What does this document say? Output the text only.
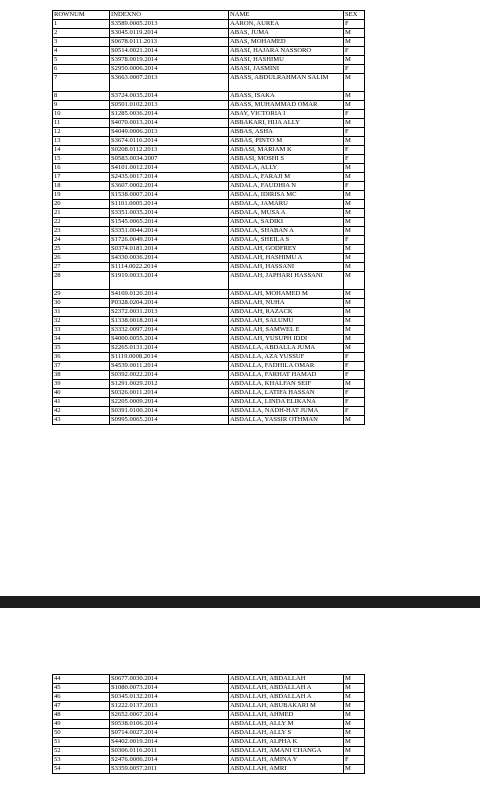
ROWNUM	INDEXNO	NAME	SEX
1	S3589.0005.2013	AARON, AUREA	F
2	S3045.0119.2014	ABAS, JUMA	M
3	S0678.0111.2013	ABAS, MOHAMED	M
4	S0514.0021.2014	ABASI, HAJARA NASSORO	F
5	S3978.0019.2014	ABASI, HASHIMU	M
6	S2950.0006.2014	ABASI, JASMINI	F
7	S3663.0007.2013	ABASS, ABDULRAHMAN SALIM	M
8	S3724.0035.2014	ABASS, ISAKA	M
9	S0501.0102.2013	ABASS, MUHAMMAD OMAR	M
10	S1285.0036.2014	ABAY, VICTORIA I	F
11	S4070.0013.2014	ABBAKARI, HIJA ALLY	M
12	S4049.0006.2013	ABBAS, ASHA	F
13	S3674.0116.2014	ABBAS, PINTO M	M
14	S0208.0112.2013	ABBASI, MARIAM K	F
15	S0583.0034.2007	ABBASI, MOSHI S	F
16	S4101.0012.2014	ABDALA, ALLY	M
17	S2435.0017.2014	ABDALA, FARAJI M	M
18	S3607.0002.2014	ABDALA, FAUDHIA N	F
19	S1538.0007.2014	ABDALA, IDIRISA MC	M
20	S1101.0005.2014	ABDALA, JAMARU	M
21	S3351.0035.2014	ABDALA, MUSA A	M
22	S1545.0065.2014	ABDALA, SADIKI	M
23	S3351.0044.2014	ABDALA, SHABAN A	M
24	S1726.0049.2014	ABDALA, SHEILA S	F
25	S0374.0181.2014	ABDALAH, GODFREY	M
26	S4330.0036.2014	ABDALAH, HASHIMU A	M
27	S1114.0022.2014	ABDALAH, HASSANI	M
28	S1919.0033.2014	ABDALAH, JAPHARI HASSANI	M
29	S4169.0120.2014	ABDALAH, MOHAMED M	M
30	P0328.0204.2014	ABDALAH, NUHA	M
31	S2372.0031.2013	ABDALAH, RAZACK	M
32	S1338.0018.2014	ABDALAH, SALUMU	M
33	S3332.0097.2014	ABDALAH, SAMWEL E	M
34	S4000.0055.2014	ABDALAH, YUSUPH IDDI	M
35	S2265.0131.2014	ABDALLA, ABDALLA JUMA	M
36	S1119.0008.2014	ABDALLA, AZA YUSSUF	F
37	S4539.0011.2014	ABDALLA, FADHILA OMAR	F
38	S0392.0022.2014	ABDALLA, FARHAT HAMAD	F
39	S1291.0029.2012	ABDALLA, KHALFAN SEIF	M
40	S0326.0011.2014	ABDALLA, LATIFA HASSAN	F
41	S2205.0009.2014	ABDALLA, LINDA ELIKANA	F
42	S0391.0100.2014	ABDALLA, NADH-HAT JUMA	F
43	S0995.0065.2014	ABDALLA, YASSIR OTHMAN	M
44	S0677.0030.2014	ABDALLAH, ABDALLAH	M
45	S1080.0073.2014	ABDALLAH, ABDALLAH A	M
46	S0345.0132.2014	ABDALLAH, ABDALLAH A	M
47	S1222.0137.2013	ABDALLAH, ABUBAKARI M	M
48	S2652.0067.2014	ABDALLAH, AHMED	M
49	S0538.0106.2014	ABDALLAH, ALLY M	M
50	S0714.0027.2014	ABDALLAH, ALLY S	M
51	S4402.0019.2014	ABDALLAH, ALPHA K	M
52	S0306.0116.2011	ABDALLAH, AMANI CHANGA	M
53	S2476.0006.2014	ABDALLAH, AMINA Y	F
54	S3359.0057.2011	ABDALLAH, AMRI	M
